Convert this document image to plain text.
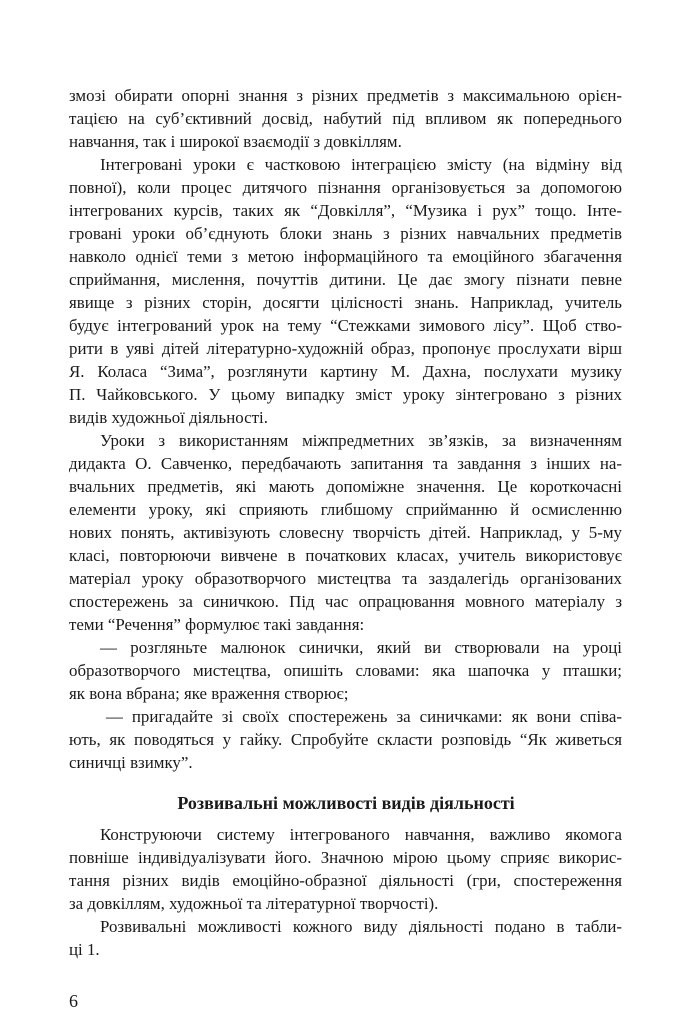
змозі обирати опорні знання з різних предметів з максимальною орієн-
тацією на суб’єктивний досвід, набутий під впливом як попереднього
навчання, так і широкої взаємодії з довкіллям.
Інтегровані уроки є частковою інтеграцією змісту (на відміну від
повної), коли процес дитячого пізнання організовується за допомогою
інтегрованих курсів, таких як “Довкілля”, “Музика і рух” тощо. Інте-
гровані уроки об’єднують блоки знань з різних навчальних предметів
навколо однієї теми з метою інформаційного та емоційного збагачення
сприймання, мислення, почуттів дитини. Це дає змогу пізнати певне
явище з різних сторін, досягти цілісності знань. Наприклад, учитель
будує інтегрований урок на тему “Стежками зимового лісу”. Щоб ство-
рити в уяві дітей літературно-художній образ, пропонує прослухати вірш
Я. Коласа “Зима”, розглянути картину М. Дахна, послухати музику
П. Чайковського. У цьому випадку зміст уроку зінтегровано з різних
видів художньої діяльності.
Уроки з використанням міжпредметних зв’язків, за визначенням
дидакта О. Савченко, передбачають запитання та завдання з інших на-
вчальних предметів, які мають допоміжне значення. Це короткочасні
елементи уроку, які сприяють глибшому сприйманню й осмисленню
нових понять, активізують словесну творчість дітей. Наприклад, у 5-му
класі, повторюючи вивчене в початкових класах, учитель використовує
матеріал уроку образотворчого мистецтва та заздалегідь організованих
спостережень за синичкою. Під час опрацювання мовного матеріалу з
теми “Речення” формулює такі завдання:
— розгляньте малюнок синички, який ви створювали на уроці
образотворчого мистецтва, опишіть словами: яка шапочка у пташки;
як вона вбрана; яке враження створює;
— пригадайте зі своїх спостережень за синичками: як вони співа-
ють, як поводяться у гайку. Спробуйте скласти розповідь “Як живеться
синичці взимку”.
Розвивальні можливості видів діяльності
Конструюючи систему інтегрованого навчання, важливо якомога
повніше індивідуалізувати його. Значною мірою цьому сприяє викорис-
тання різних видів емоційно-образної діяльності (гри, спостереження
за довкіллям, художньої та літературної творчості).
Розвивальні можливості кожного виду діяльності подано в табли-
ці 1.
6
